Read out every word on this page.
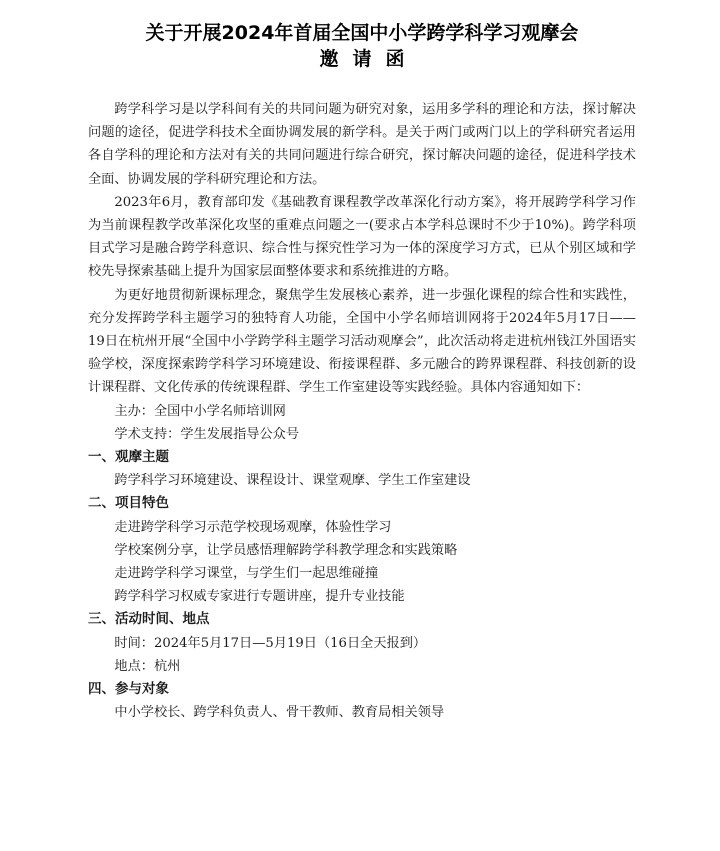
关于开展2024年首届全国中小学跨学科学习观摩会
邀请函

跨学科学习是以学科间有关的共同问题为研究对象，运用多学科的理论和方法，探讨解决问题的途径，促进学科技术全面协调发展的新学科。是关于两门或两门以上的学科研究者运用各自学科的理论和方法对有关的共同问题进行综合研究，探讨解决问题的途径，促进科学技术全面、协调发展的学科研究理论和方法。

2023年6月，教育部印发《基础教育课程教学改革深化行动方案》，将开展跨学科学习作为当前课程教学改革深化攻坚的重难点问题之一(要求占本学科总课时不少于10%)。跨学科项目式学习是融合跨学科意识、综合性与探究性学习为一体的深度学习方式，已从个别区域和学校先导探索基础上提升为国家层面整体要求和系统推进的方略。

为更好地贯彻新课标理念，聚焦学生发展核心素养，进一步强化课程的综合性和实践性，充分发挥跨学科主题学习的独特育人功能，全国中小学名师培训网将于2024年5月17日——19日在杭州开展“全国中小学跨学科主题学习活动观摩会”，此次活动将走进杭州钱江外国语实验学校，深度探索跨学科学习环境建设、衔接课程群、多元融合的跨界课程群、科技创新的设计课程群、文化传承的传统课程群、学生工作室建设等实践经验。具体内容通知如下：

主办：全国中小学名师培训网

学术支持：学生发展指导公众号

一、观摩主题

跨学科学习环境建设、课程设计、课堂观摩、学生工作室建设

二、项目特色

走进跨学科学习示范学校现场观摩，体验性学习

学校案例分享，让学员感悟理解跨学科教学理念和实践策略

走进跨学科学习课堂，与学生们一起思维碰撞

跨学科学习权威专家进行专题讲座，提升专业技能

三、活动时间、地点

时间：2024年5月17日—5月19日（16日全天报到）

地点：杭州

四、参与对象

中小学校长、跨学科负责人、骨干教师、教育局相关领导
